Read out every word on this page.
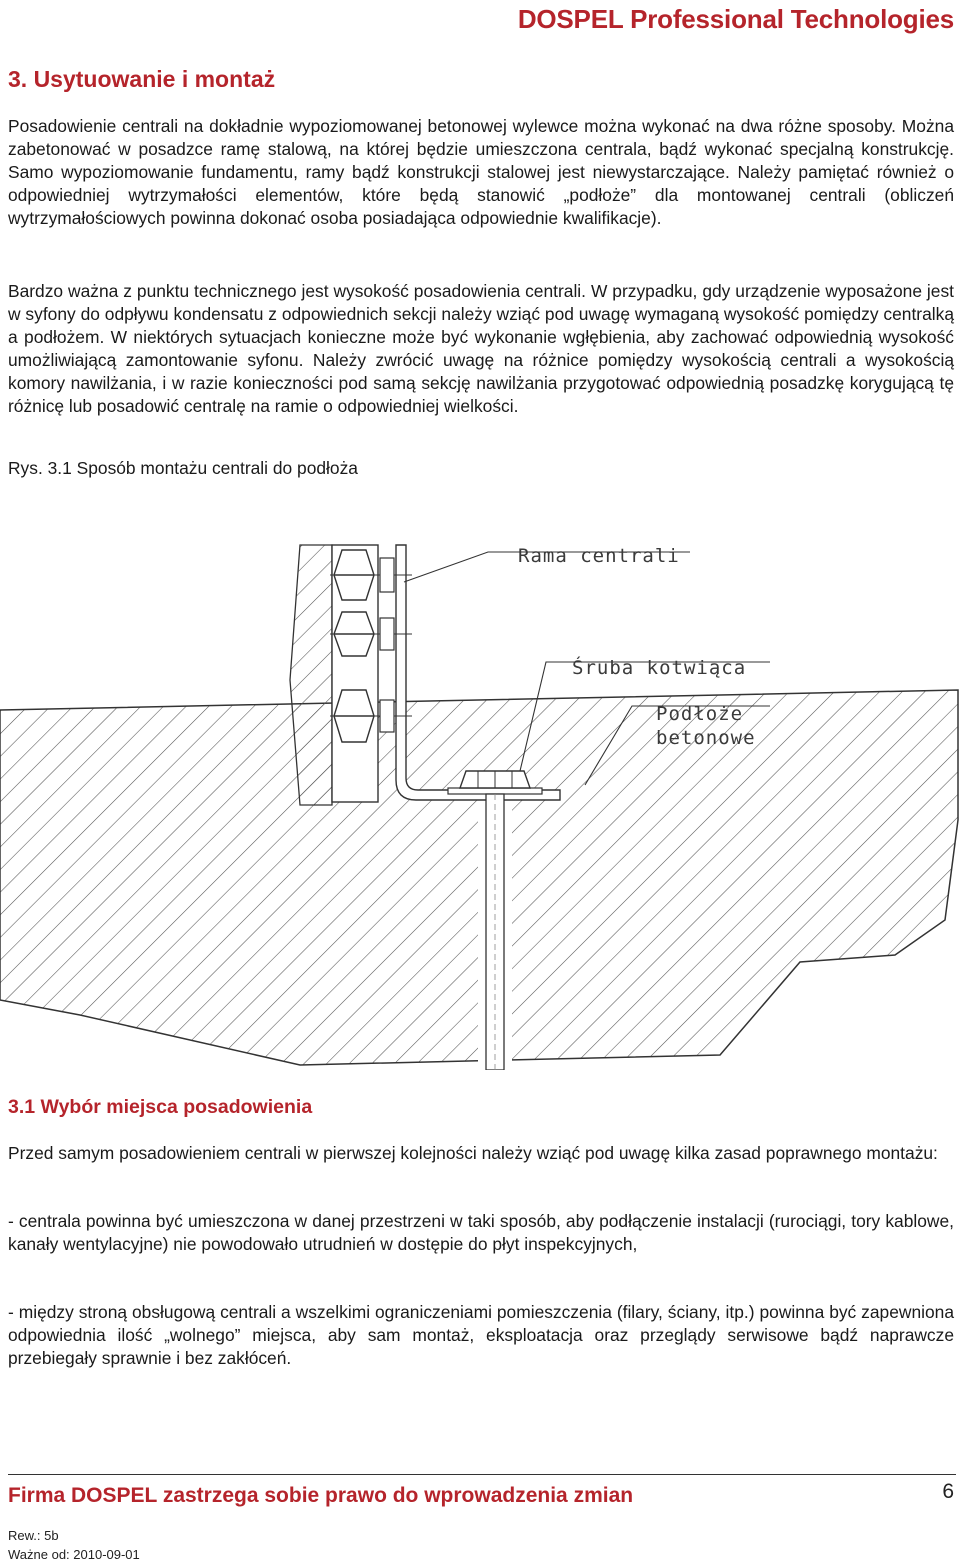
DOSPEL Professional Technologies
3. Usytuowanie i montaż

Posadowienie centrali na dokładnie wypoziomowanej betonowej wylewce można wykonać na dwa różne sposoby. Można zabetonować w posadzce ramę stalową, na której będzie umieszczona centrala, bądź wykonać specjalną konstrukcję. Samo wypoziomowanie fundamentu, ramy bądź konstrukcji stalowej jest niewystarczające. Należy pamiętać również o odpowiedniej wytrzymałości elementów, które będą stanowić „podłoże” dla montowanej centrali (obliczeń wytrzymałościowych powinna dokonać osoba posiadająca odpowiednie kwalifikacje).

Bardzo ważna z punktu technicznego jest wysokość posadowienia centrali. W przypadku, gdy urządzenie wyposażone jest w syfony do odpływu kondensatu z odpowiednich sekcji należy wziąć pod uwagę wymaganą wysokość pomiędzy centralką a podłożem. W niektórych sytuacjach konieczne może być wykonanie wgłębienia, aby zachować odpowiednią wysokość umożliwiającą zamontowanie syfonu. Należy zwrócić uwagę na różnice pomiędzy wysokością centrali a wysokością komory nawilżania, i w razie konieczności pod samą sekcję nawilżania przygotować odpowiednią posadzkę korygującą tę różnicę lub posadowić centralę na ramie o odpowiedniej wielkości.

Rys. 3.1 Sposób montażu centrali do podłoża

Rama centrali
Śruba kotwiąca
Podłoże
betonowe
3.1 Wybór miejsca posadowienia

Przed samym posadowieniem centrali w pierwszej kolejności należy wziąć pod uwagę kilka zasad poprawnego montażu:

- centrala powinna być umieszczona w danej przestrzeni w taki sposób, aby podłączenie instalacji (rurociągi, tory kablowe, kanały wentylacyjne) nie powodowało utrudnień w dostępie do płyt inspekcyjnych,

- między stroną obsługową centrali a wszelkimi ograniczeniami pomieszczenia (filary, ściany, itp.) powinna być zapewniona odpowiednia ilość „wolnego” miejsca, aby sam montaż, eksploatacja oraz przeglądy serwisowe bądź naprawcze przebiegały sprawnie i bez zakłóceń.

Firma DOSPEL zastrzega sobie prawo do wprowadzenia zmian	6
Rew.: 5b
Ważne od: 2010-09-01
